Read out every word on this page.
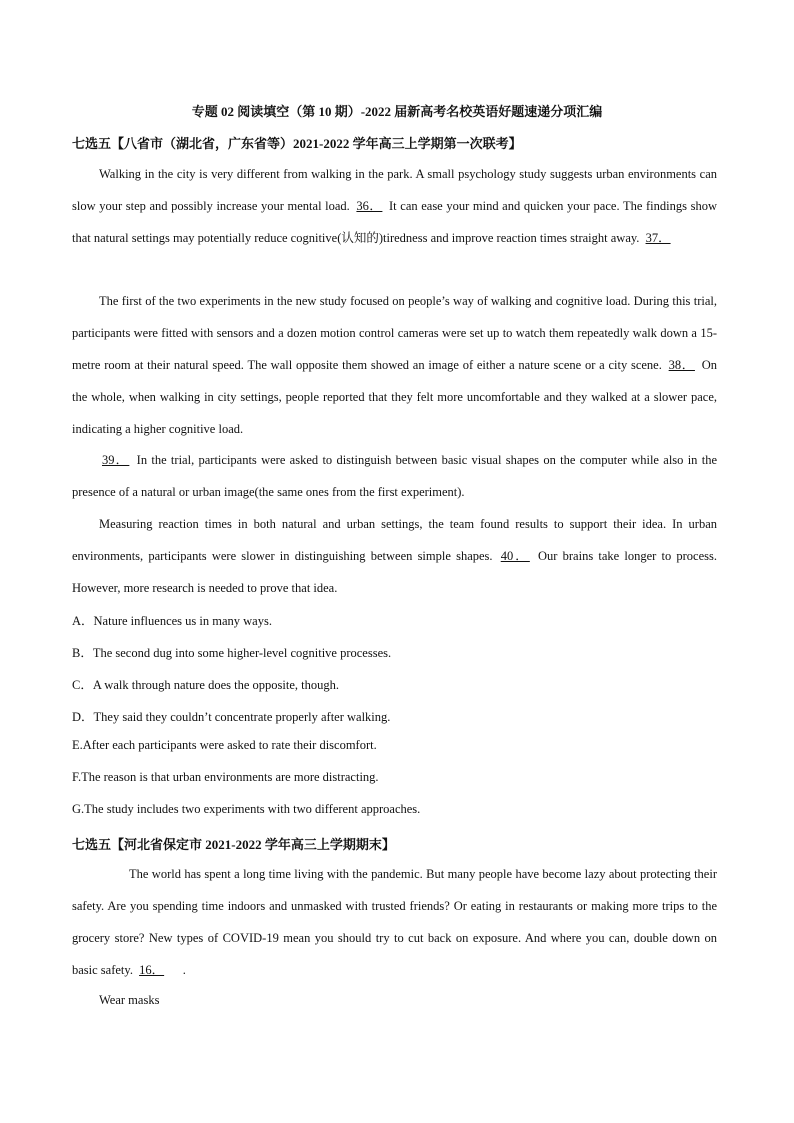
专题 02 阅读填空（第 10 期）-2022 届新高考名校英语好题速递分项汇编
七选五【八省市（湖北省，广东省等）2021-2022 学年高三上学期第一次联考】
Walking in the city is very different from walking in the park. A small psychology study suggests urban environments can slow your step and possibly increase your mental load. 36． It can ease your mind and quicken your pace. The findings show that natural settings may potentially reduce cognitive(认知的)tiredness and improve reaction times straight away. 37．
The first of the two experiments in the new study focused on people’s way of walking and cognitive load. During this trial, participants were fitted with sensors and a dozen motion control cameras were set up to watch them repeatedly walk down a 15-metre room at their natural speed. The wall opposite them showed an image of either a nature scene or a city scene. 38． On the whole, when walking in city settings, people reported that they felt more uncomfortable and they walked at a slower pace, indicating a higher cognitive load.
39． In the trial, participants were asked to distinguish between basic visual shapes on the computer while also in the presence of a natural or urban image(the same ones from the first experiment).
Measuring reaction times in both natural and urban settings, the team found results to support their idea. In urban environments, participants were slower in distinguishing between simple shapes. 40． Our brains take longer to process. However, more research is needed to prove that idea.
A．Nature influences us in many ways.
B．The second dug into some higher-level cognitive processes.
C．A walk through nature does the opposite, though.
D．They said they couldn’t concentrate properly after walking.
E.After each participants were asked to rate their discomfort.
F.The reason is that urban environments are more distracting.
G.The study includes two experiments with two different approaches.
七选五【河北省保定市 2021-2022 学年高三上学期期末】
The world has spent a long time living with the pandemic. But many people have become lazy about protecting their safety. Are you spending time indoors and unmasked with trusted friends? Or eating in restaurants or making more trips to the grocery store? New types of COVID-19 mean you should try to cut back on exposure. And where you can, double down on basic safety. 16．     .
Wear masks
